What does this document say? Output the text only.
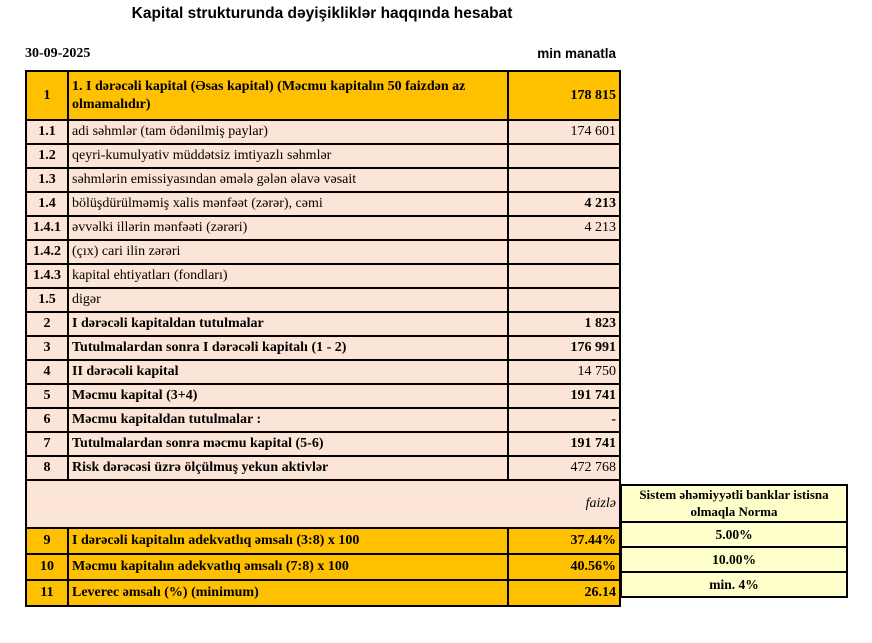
Kapital strukturunda dəyişikliklər haqqında hesabat
30-09-2025	min manatla
1	1. I dərəcəli kapital (Əsas kapital) (Məcmu kapitalın 50 faizdən az olmamalıdır)	178 815
1.1	adi səhmlər (tam ödənilmiş paylar)	174 601
1.2	qeyri-kumulyativ müddətsiz imtiyazlı səhmlər	
1.3	səhmlərin emissiyasından əmələ gələn əlavə vəsait	
1.4	bölüşdürülməmiş xalis mənfəət (zərər), cəmi	4 213
1.4.1	əvvəlki illərin mənfəəti (zərəri)	4 213
1.4.2	(çıx) cari ilin zərəri	
1.4.3	kapital ehtiyatları (fondları)	
1.5	digər	
2	I dərəcəli kapitaldan tutulmalar	1 823
3	Tutulmalardan sonra I dərəcəli kapitalı (1 - 2)	176 991
4	II dərəcəli kapital	14 750
5	Məcmu kapital (3+4)	191 741
6	Məcmu kapitaldan tutulmalar :	-
7	Tutulmalardan sonra məcmu kapital (5-6)	191 741
8	Risk dərəcəsi üzrə ölçülmuş yekun aktivlər	472 768
faizlə		
9	I dərəcəli kapitalın adekvatlıq əmsalı (3:8) x 100	37.44%
10	Məcmu kapitalın adekvatlıq əmsalı (7:8) x 100	40.56%
11	Leverec əmsalı (%) (minimum)	26.14
Sistem əhəmiyyətli banklar istisna olmaqla Norma
5.00%
10.00%
min. 4%
